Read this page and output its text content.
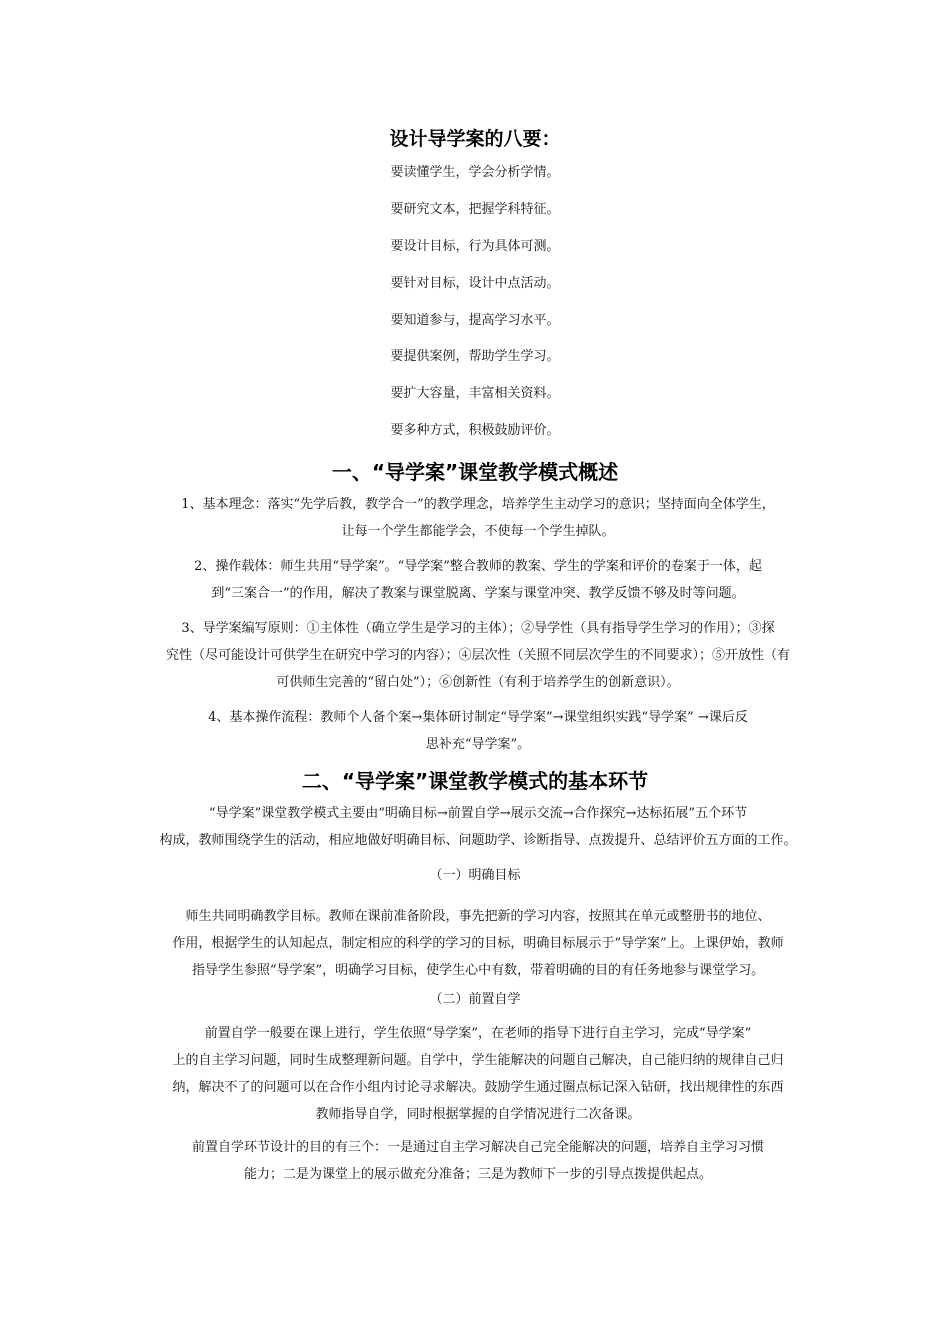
设计导学案的八要：
要读懂学生，学会分析学情。
要研究文本，把握学科特征。
要设计目标，行为具体可测。
要针对目标，设计中点活动。
要知道参与，提高学习水平。
要提供案例，帮助学生学习。
要扩大容量，丰富相关资料。
要多种方式，积极鼓励评价。
一、“导学案”课堂教学模式概述
1、基本理念：落实“先学后教，教学合一”的教学理念，培养学生主动学习的意识；坚持面向全体学生，
让每一个学生都能学会，不使每一个学生掉队。
2、操作载体：师生共用“导学案”。“导学案”整合教师的教案、学生的学案和评价的卷案于一体，起
到“三案合一”的作用，解决了教案与课堂脱离、学案与课堂冲突、教学反馈不够及时等问题。
3、导学案编写原则：①主体性（确立学生是学习的主体）；②导学性（具有指导学生学习的作用）；③探
究性（尽可能设计可供学生在研究中学习的内容）；④层次性（关照不同层次学生的不同要求）；⑤开放性（有
可供师生完善的“留白处”）；⑥创新性（有利于培养学生的创新意识）。
4、基本操作流程：教师个人备个案→集体研讨制定“导学案”→课堂组织实践“导学案” →课后反
思补充“导学案”。
二、“导学案”课堂教学模式的基本环节
“导学案”课堂教学模式主要由“明确目标→前置自学→展示交流→合作探究→达标拓展”五个环节
构成，教师围绕学生的活动，相应地做好明确目标、问题助学、诊断指导、点拨提升、总结评价五方面的工作。
（一）明确目标
师生共同明确教学目标。教师在课前准备阶段，事先把新的学习内容，按照其在单元或整册书的地位、
作用，根据学生的认知起点，制定相应的科学的学习的目标，明确目标展示于“导学案”上。上课伊始，教师
指导学生参照“导学案”，明确学习目标，使学生心中有数，带着明确的目的有任务地参与课堂学习。
（二）前置自学
前置自学一般要在课上进行，学生依照“导学案”，在老师的指导下进行自主学习，完成“导学案”
上的自主学习问题，同时生成整理新问题。自学中，学生能解决的问题自己解决，自己能归纳的规律自己归
纳，解决不了的问题可以在合作小组内讨论寻求解决。鼓励学生通过圈点标记深入钻研，找出规律性的东西
教师指导自学，同时根据掌握的自学情况进行二次备课。
前置自学环节设计的目的有三个：一是通过自主学习解决自己完全能解决的问题，培养自主学习习惯
能力；二是为课堂上的展示做充分准备；三是为教师下一步的引导点拨提供起点。
